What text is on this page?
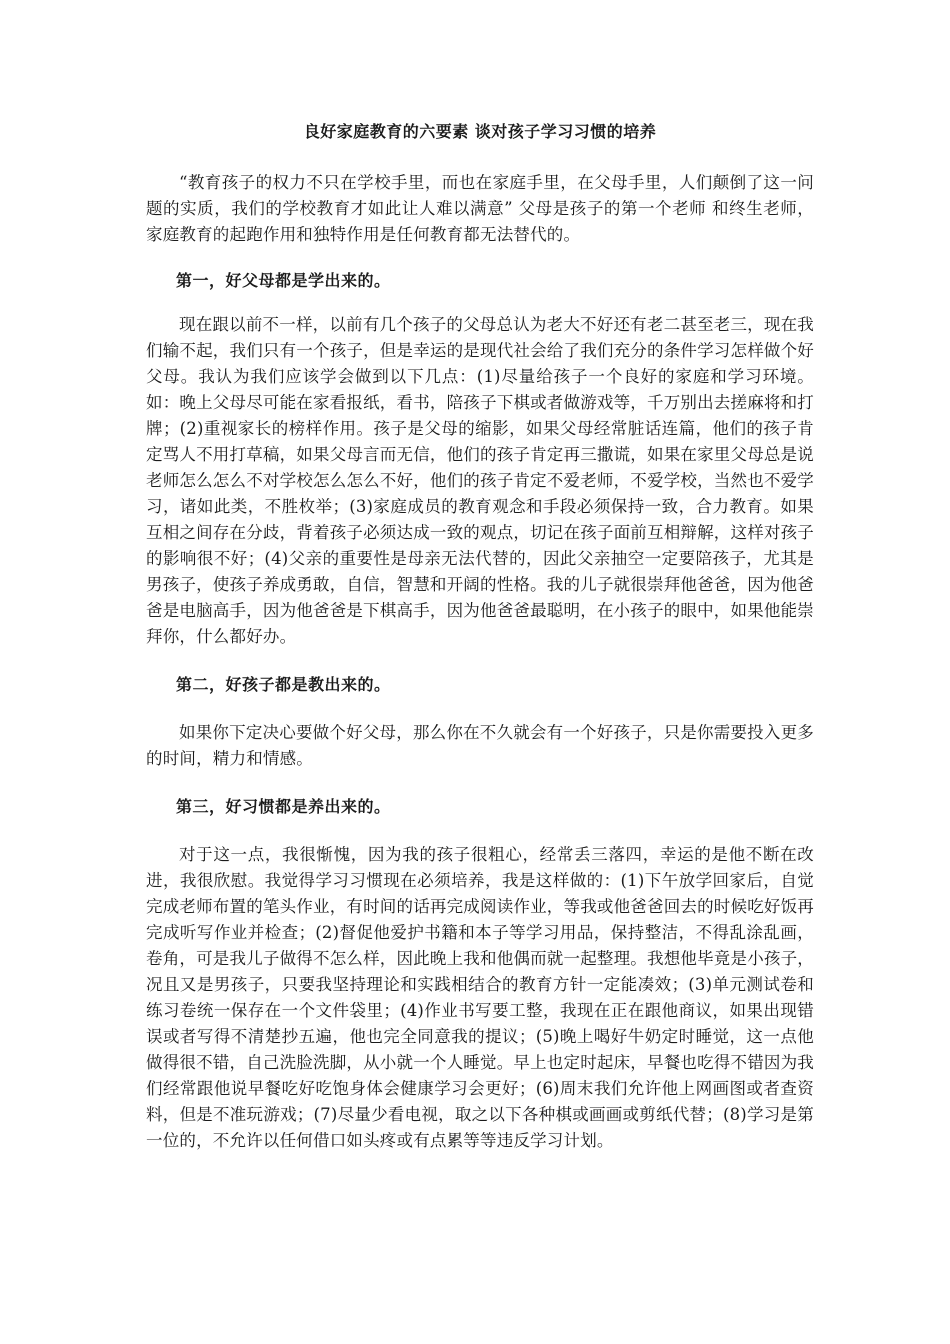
良好家庭教育的六要素 谈对孩子学习习惯的培养

“教育孩子的权力不只在学校手里，而也在家庭手里，在父母手里，人们颠倒了这一问题的实质，我们的学校教育才如此让人难以满意” 父母是孩子的第一个老师 和终生老师，家庭教育的起跑作用和独特作用是任何教育都无法替代的。

第一，好父母都是学出来的。

现在跟以前不一样，以前有几个孩子的父母总认为老大不好还有老二甚至老三，现在我们输不起，我们只有一个孩子，但是幸运的是现代社会给了我们充分的条件学习怎样做个好父母。我认为我们应该学会做到以下几点：(1)尽量给孩子一个良好的家庭和学习环境。如：晚上父母尽可能在家看报纸，看书，陪孩子下棋或者做游戏等，千万别出去搓麻将和打牌；(2)重视家长的榜样作用。孩子是父母的缩影，如果父母经常脏话连篇，他们的孩子肯定骂人不用打草稿，如果父母言而无信，他们的孩子肯定再三撒谎，如果在家里父母总是说老师怎么怎么不对学校怎么怎么不好，他们的孩子肯定不爱老师，不爱学校，当然也不爱学习，诸如此类，不胜枚举；(3)家庭成员的教育观念和手段必须保持一致，合力教育。如果互相之间存在分歧，背着孩子必须达成一致的观点，切记在孩子面前互相辩解，这样对孩子的影响很不好；(4)父亲的重要性是母亲无法代替的，因此父亲抽空一定要陪孩子，尤其是男孩子，使孩子养成勇敢，自信，智慧和开阔的性格。我的儿子就很崇拜他爸爸，因为他爸爸是电脑高手，因为他爸爸是下棋高手，因为他爸爸最聪明，在小孩子的眼中，如果他能崇拜你，什么都好办。

第二，好孩子都是教出来的。

如果你下定决心要做个好父母，那么你在不久就会有一个好孩子，只是你需要投入更多的时间，精力和情感。

第三，好习惯都是养出来的。

对于这一点，我很惭愧，因为我的孩子很粗心，经常丢三落四，幸运的是他不断在改进，我很欣慰。我觉得学习习惯现在必须培养，我是这样做的：(1)下午放学回家后，自觉完成老师布置的笔头作业，有时间的话再完成阅读作业，等我或他爸爸回去的时候吃好饭再完成听写作业并检查；(2)督促他爱护书籍和本子等学习用品，保持整洁，不得乱涂乱画，卷角，可是我儿子做得不怎么样，因此晚上我和他偶而就一起整理。我想他毕竟是小孩子，况且又是男孩子，只要我坚持理论和实践相结合的教育方针一定能凑效；(3)单元测试卷和练习卷统一保存在一个文件袋里；(4)作业书写要工整，我现在正在跟他商议，如果出现错误或者写得不清楚抄五遍，他也完全同意我的提议；(5)晚上喝好牛奶定时睡觉，这一点他做得很不错，自己洗脸洗脚，从小就一个人睡觉。早上也定时起床，早餐也吃得不错因为我们经常跟他说早餐吃好吃饱身体会健康学习会更好；(6)周末我们允许他上网画图或者查资料，但是不准玩游戏；(7)尽量少看电视，取之以下各种棋或画画或剪纸代替；(8)学习是第一位的，不允许以任何借口如头疼或有点累等等违反学习计划。
